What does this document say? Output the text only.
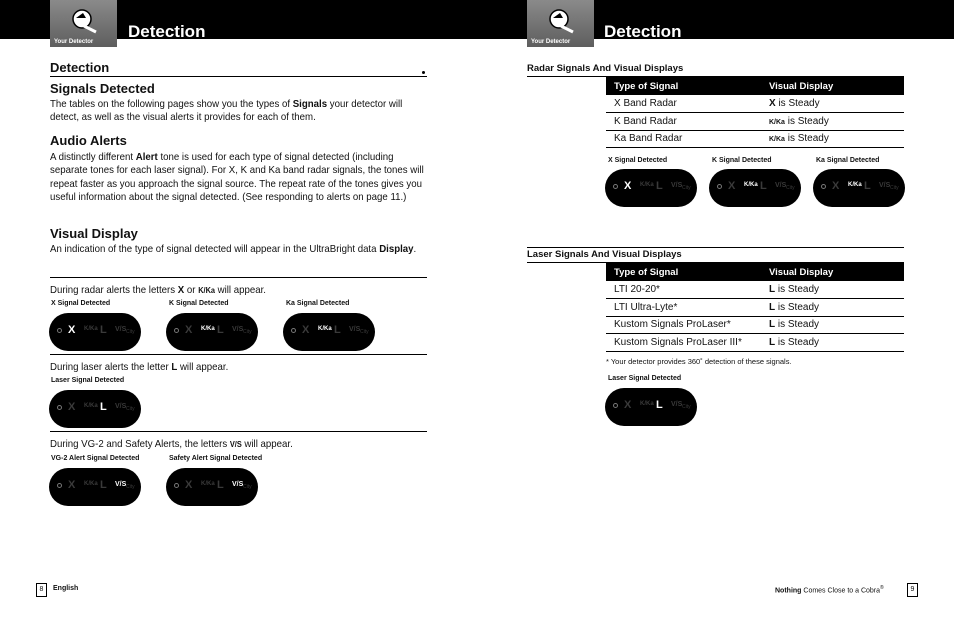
Your Detector
Detection
Detection
Signals Detected
The tables on the following pages show you the types of Signals your detector will detect, as well as the visual alerts it provides for each of them.
Audio Alerts
A distinctly different Alert tone is used for each type of signal detected (including separate tones for each laser signal). For X, K and Ka band radar signals, the tones will repeat faster as you approach the signal source. The repeat rate of the tones gives you useful information about the signal detected. (See responding to alerts on page 11.)
Visual Display
An indication of the type of signal detected will appear in the UltraBright data Display.
During radar alerts the letters X or K/Ka will appear.
X Signal Detected	K Signal Detected	Ka Signal Detected
X K/Ka L V/S City	X K/Ka L V/S City	X K/Ka L V/S City
During laser alerts the letter L will appear.
Laser Signal Detected
X K/Ka L V/S City
During VG-2 and Safety Alerts, the letters V/S will appear.
VG-2 Alert Signal Detected	Safety Alert Signal Detected
X K/Ka L V/S City	X K/Ka L V/S City
8	English
Your Detector
Detection
Radar Signals And Visual Displays
Type of Signal	Visual Display
X Band Radar	X is Steady
K Band Radar	K/Ka is Steady
Ka Band Radar	K/Ka is Steady
X Signal Detected	K Signal Detected	Ka Signal Detected
X K/Ka L V/S City	X K/Ka L V/S City	X K/Ka L V/S City
Laser Signals And Visual Displays
Type of Signal	Visual Display
LTI 20-20*	L is Steady
LTI Ultra-Lyte*	L is Steady
Kustom Signals ProLaser*	L is Steady
Kustom Signals ProLaser III*	L is Steady
* Your detector provides 360˚ detection of these signals.
Laser Signal Detected
X K/Ka L V/S City
Nothing Comes Close to a Cobra®	9
